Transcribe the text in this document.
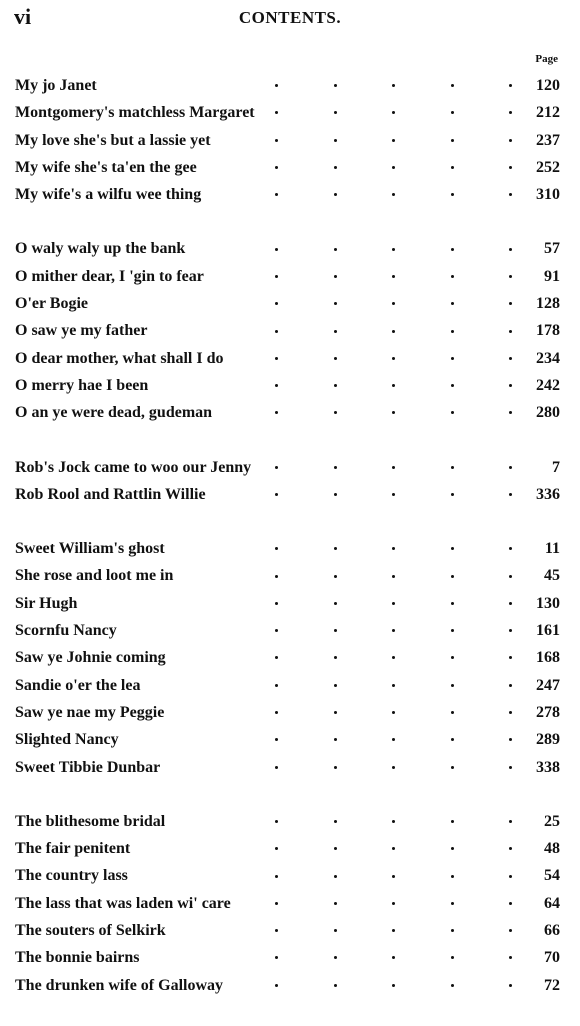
vi	CONTENTS.
Page
My jo Janet	120
Montgomery's matchless Margaret	212
My love she's but a lassie yet	237
My wife she's ta'en the gee	252
My wife's a wilfu wee thing	310
O waly waly up the bank	57
O mither dear, I 'gin to fear	91
O'er Bogie	128
O saw ye my father	178
O dear mother, what shall I do	234
O merry hae I been	242
O an ye were dead, gudeman	280
Rob's Jock came to woo our Jenny	7
Rob Rool and Rattlin Willie	336
Sweet William's ghost	11
She rose and loot me in	45
Sir Hugh	130
Scornfu Nancy	161
Saw ye Johnie coming	168
Sandie o'er the lea	247
Saw ye nae my Peggie	278
Slighted Nancy	289
Sweet Tibbie Dunbar	338
The blithesome bridal	25
The fair penitent	48
The country lass	54
The lass that was laden wi' care	64
The souters of Selkirk	66
The bonnie bairns	70
The drunken wife of Galloway	72
